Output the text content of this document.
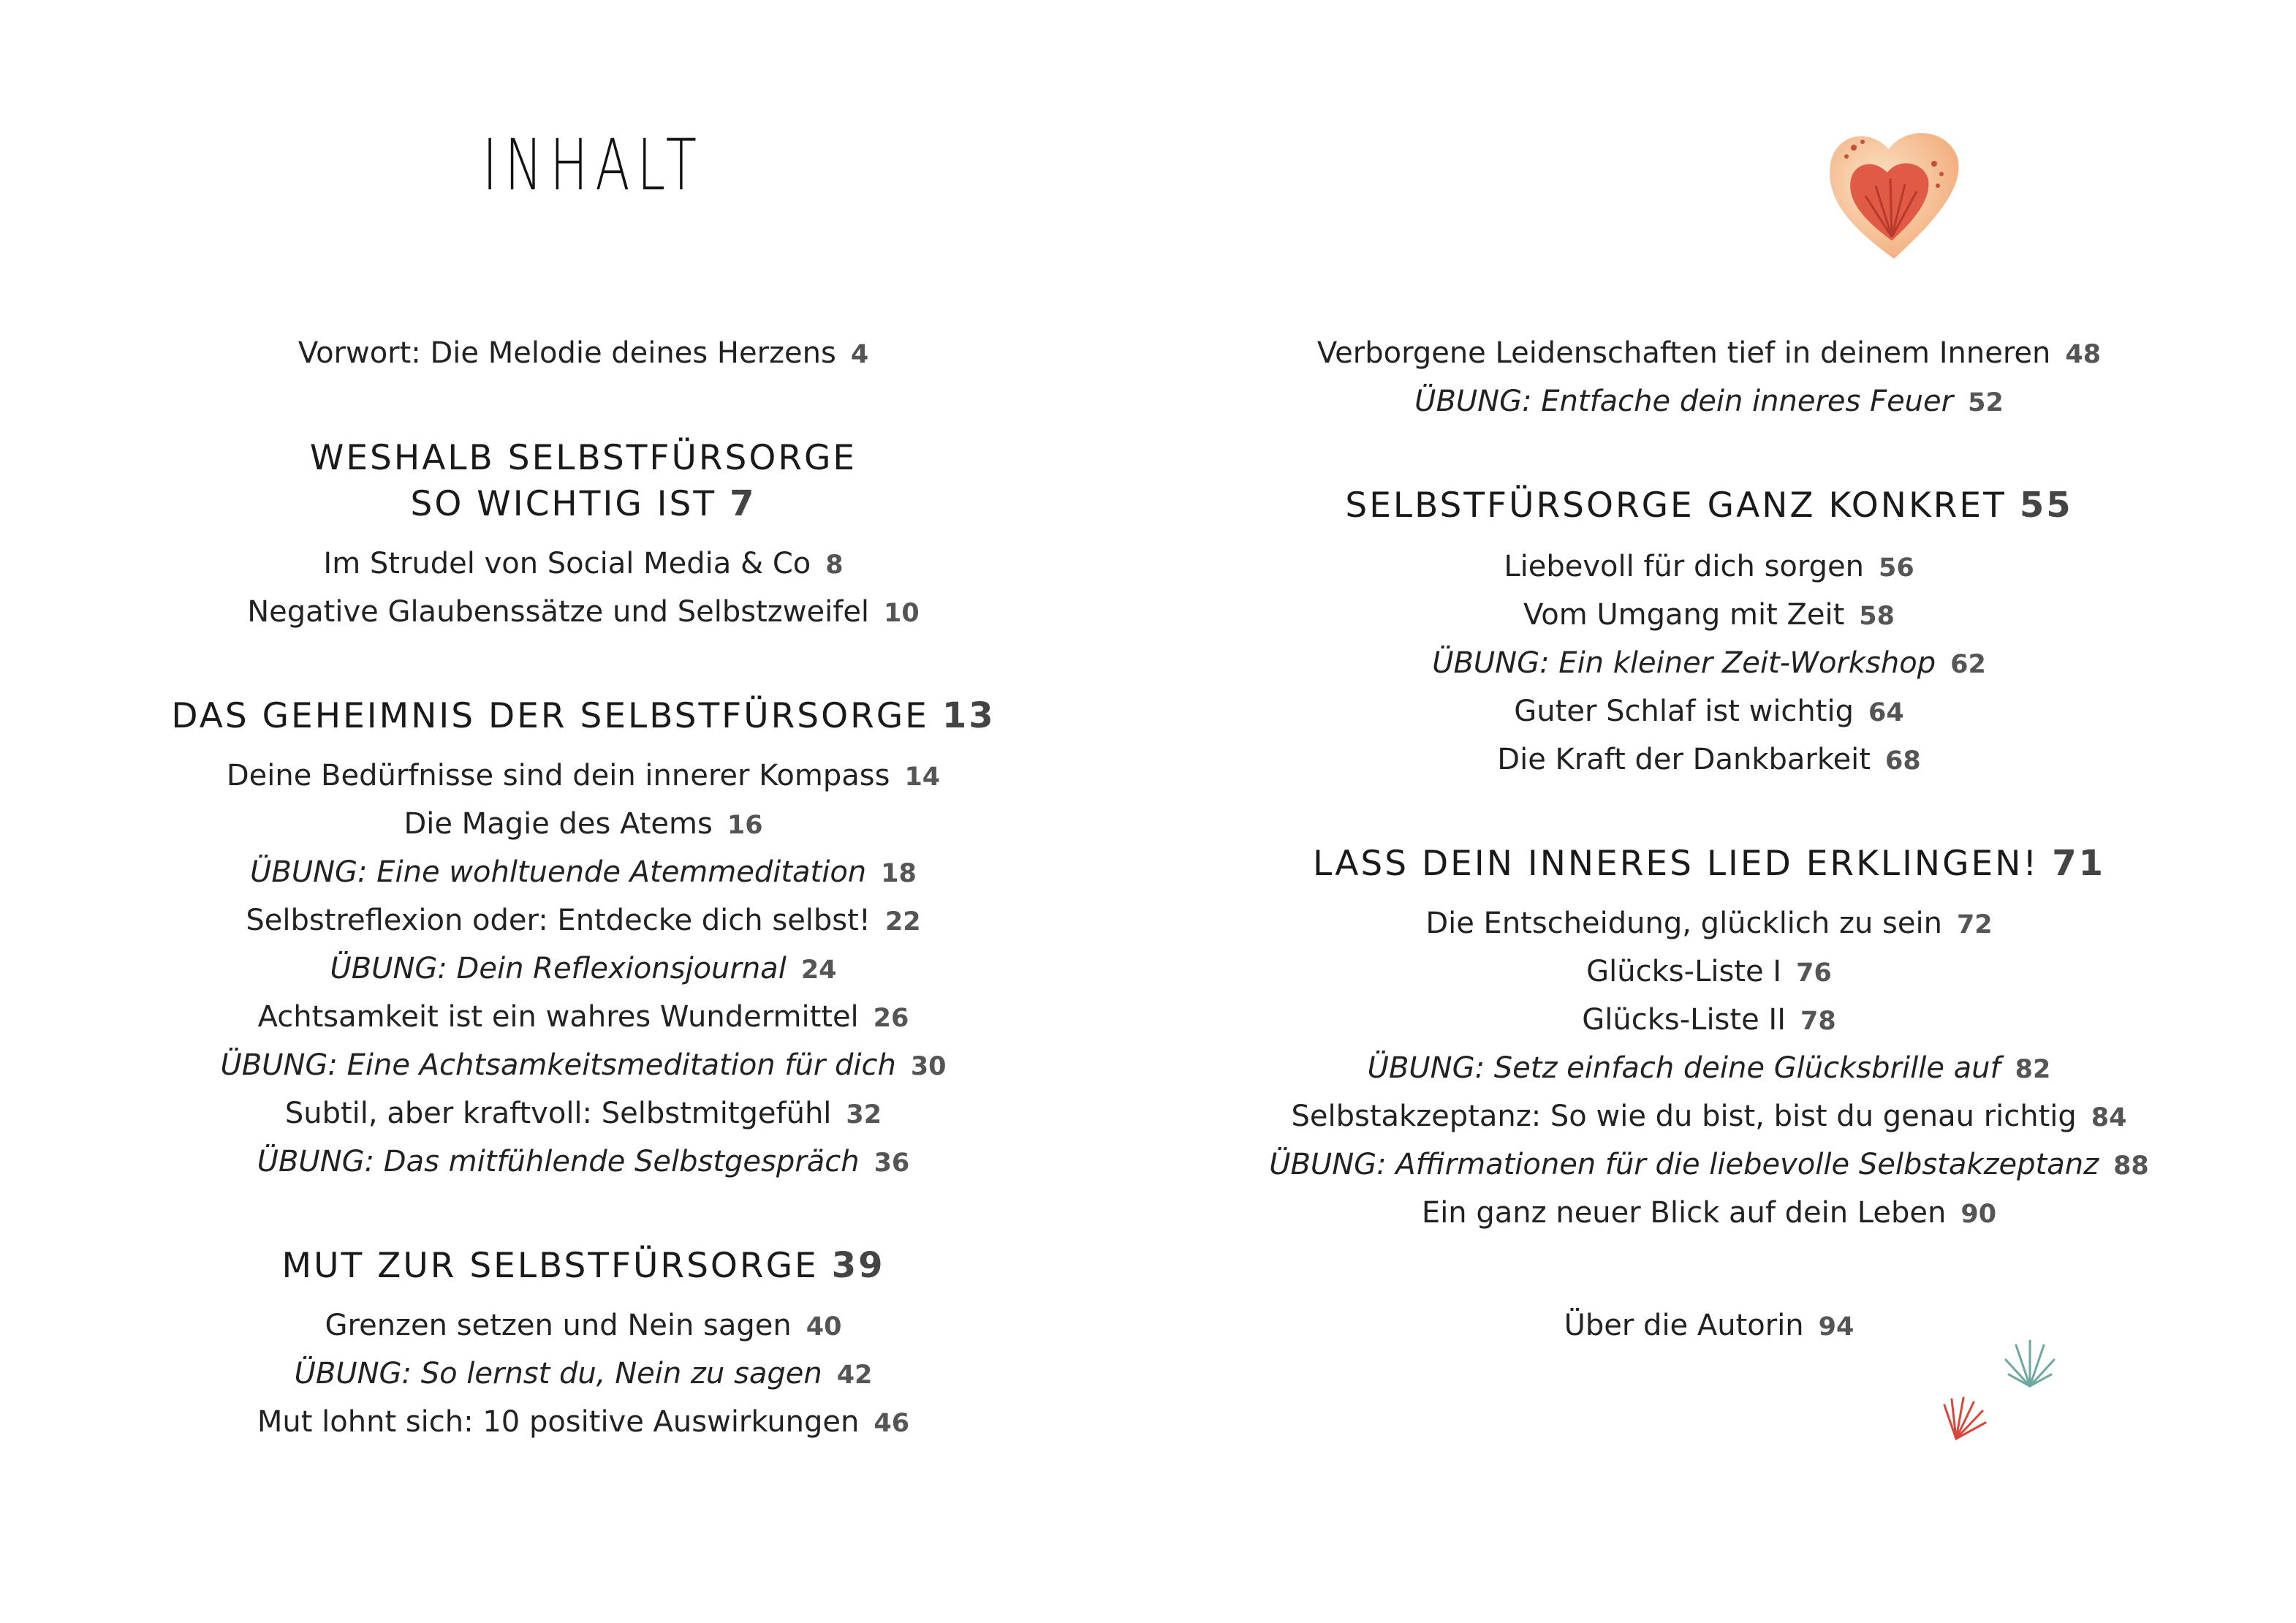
INHALT
Vorwort: Die Melodie deines Herzens 4
WESHALB SELBSTFÜRSORGE
SO WICHTIG IST 7
Im Strudel von Social Media & Co 8
Negative Glaubenssätze und Selbstzweifel 10
DAS GEHEIMNIS DER SELBSTFÜRSORGE 13
Deine Bedürfnisse sind dein innerer Kompass 14
Die Magie des Atems 16
ÜBUNG: Eine wohltuende Atemmeditation 18
Selbstreflexion oder: Entdecke dich selbst! 22
ÜBUNG: Dein Reflexionsjournal 24
Achtsamkeit ist ein wahres Wundermittel 26
ÜBUNG: Eine Achtsamkeitsmeditation für dich 30
Subtil, aber kraftvoll: Selbstmitgefühl 32
ÜBUNG: Das mitfühlende Selbstgespräch 36
MUT ZUR SELBSTFÜRSORGE 39
Grenzen setzen und Nein sagen 40
ÜBUNG: So lernst du, Nein zu sagen 42
Mut lohnt sich: 10 positive Auswirkungen 46
Verborgene Leidenschaften tief in deinem Inneren 48
ÜBUNG: Entfache dein inneres Feuer 52
SELBSTFÜRSORGE GANZ KONKRET 55
Liebevoll für dich sorgen 56
Vom Umgang mit Zeit 58
ÜBUNG: Ein kleiner Zeit-Workshop 62
Guter Schlaf ist wichtig 64
Die Kraft der Dankbarkeit 68
LASS DEIN INNERES LIED ERKLINGEN! 71
Die Entscheidung, glücklich zu sein 72
Glücks-Liste I 76
Glücks-Liste II 78
ÜBUNG: Setz einfach deine Glücksbrille auf 82
Selbstakzeptanz: So wie du bist, bist du genau richtig 84
ÜBUNG: Affirmationen für die liebevolle Selbstakzeptanz 88
Ein ganz neuer Blick auf dein Leben 90
Über die Autorin 94
